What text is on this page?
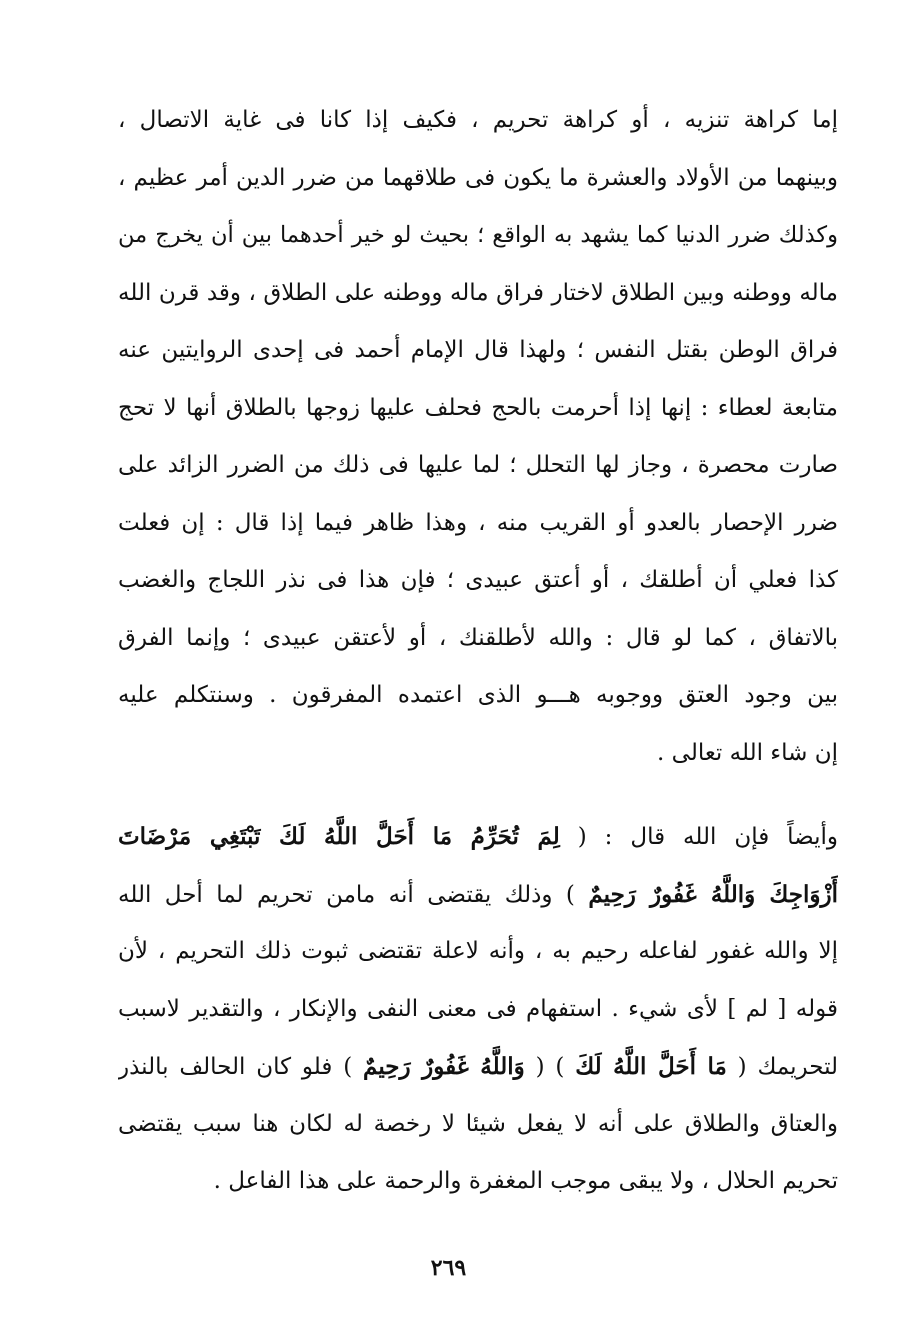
إما كراهة تنزيه ، أو كراهة تحريم ، فكيف إذا كانا فى غاية الاتصال ،
وبينهما من الأولاد والعشرة ما يكون فى طلاقهما من ضرر الدين أمر عظيم ،
وكذلك ضرر الدنيا كما يشهد به الواقع ؛ بحيث لو خير أحدهما بين أن يخرج من
ماله ووطنه وبين الطلاق لاختار فراق ماله ووطنه على الطلاق ، وقد قرن الله
فراق الوطن بقتل النفس ؛ ولهذا قال الإمام أحمد فى إحدى الروايتين عنه
متابعة لعطاء : إنها إذا أحرمت بالحج فحلف عليها زوجها بالطلاق أنها لا تحج
صارت محصرة ، وجاز لها التحلل ؛ لما عليها فى ذلك من الضرر الزائد على
ضرر الإحصار بالعدو أو القريب منه ، وهذا ظاهر فيما إذا قال : إن فعلت
كذا فعلي أن أطلقك ، أو أعتق عبيدى ؛ فإن هذا فى نذر اللجاج والغضب
بالاتفاق ، كما لو قال : والله لأطلقنك ، أو لأعتقن عبيدى ؛ وإنما الفرق
بين وجود العتق ووجوبه هـــو الذى اعتمده المفرقون . وسنتكلم عليه
إن شاء الله تعالى .
وأيضاً فإن الله قال : ( لِمَ تُحَرِّمُ مَا أَحَلَّ اللَّهُ لَكَ تَبْتَغِي مَرْضَاتَ
أَزْوَاجِكَ وَاللَّهُ غَفُورٌ رَحِيمٌ ) وذلك يقتضى أنه مامن تحريم لما أحل الله
إلا والله غفور لفاعله رحيم به ، وأنه لاعلة تقتضى ثبوت ذلك التحريم ، لأن
قوله [ لم ] لأى شيء . استفهام فى معنى النفى والإنكار ، والتقدير لاسبب
لتحريمك ( مَا أَحَلَّ اللَّهُ لَكَ ) ( وَاللَّهُ غَفُورٌ رَحِيمٌ ) فلو كان الحالف بالنذر
والعتاق والطلاق على أنه لا يفعل شيئا لا رخصة له لكان هنا سبب يقتضى
تحريم الحلال ، ولا يبقى موجب المغفرة والرحمة على هذا الفاعل .
٢٦٩
